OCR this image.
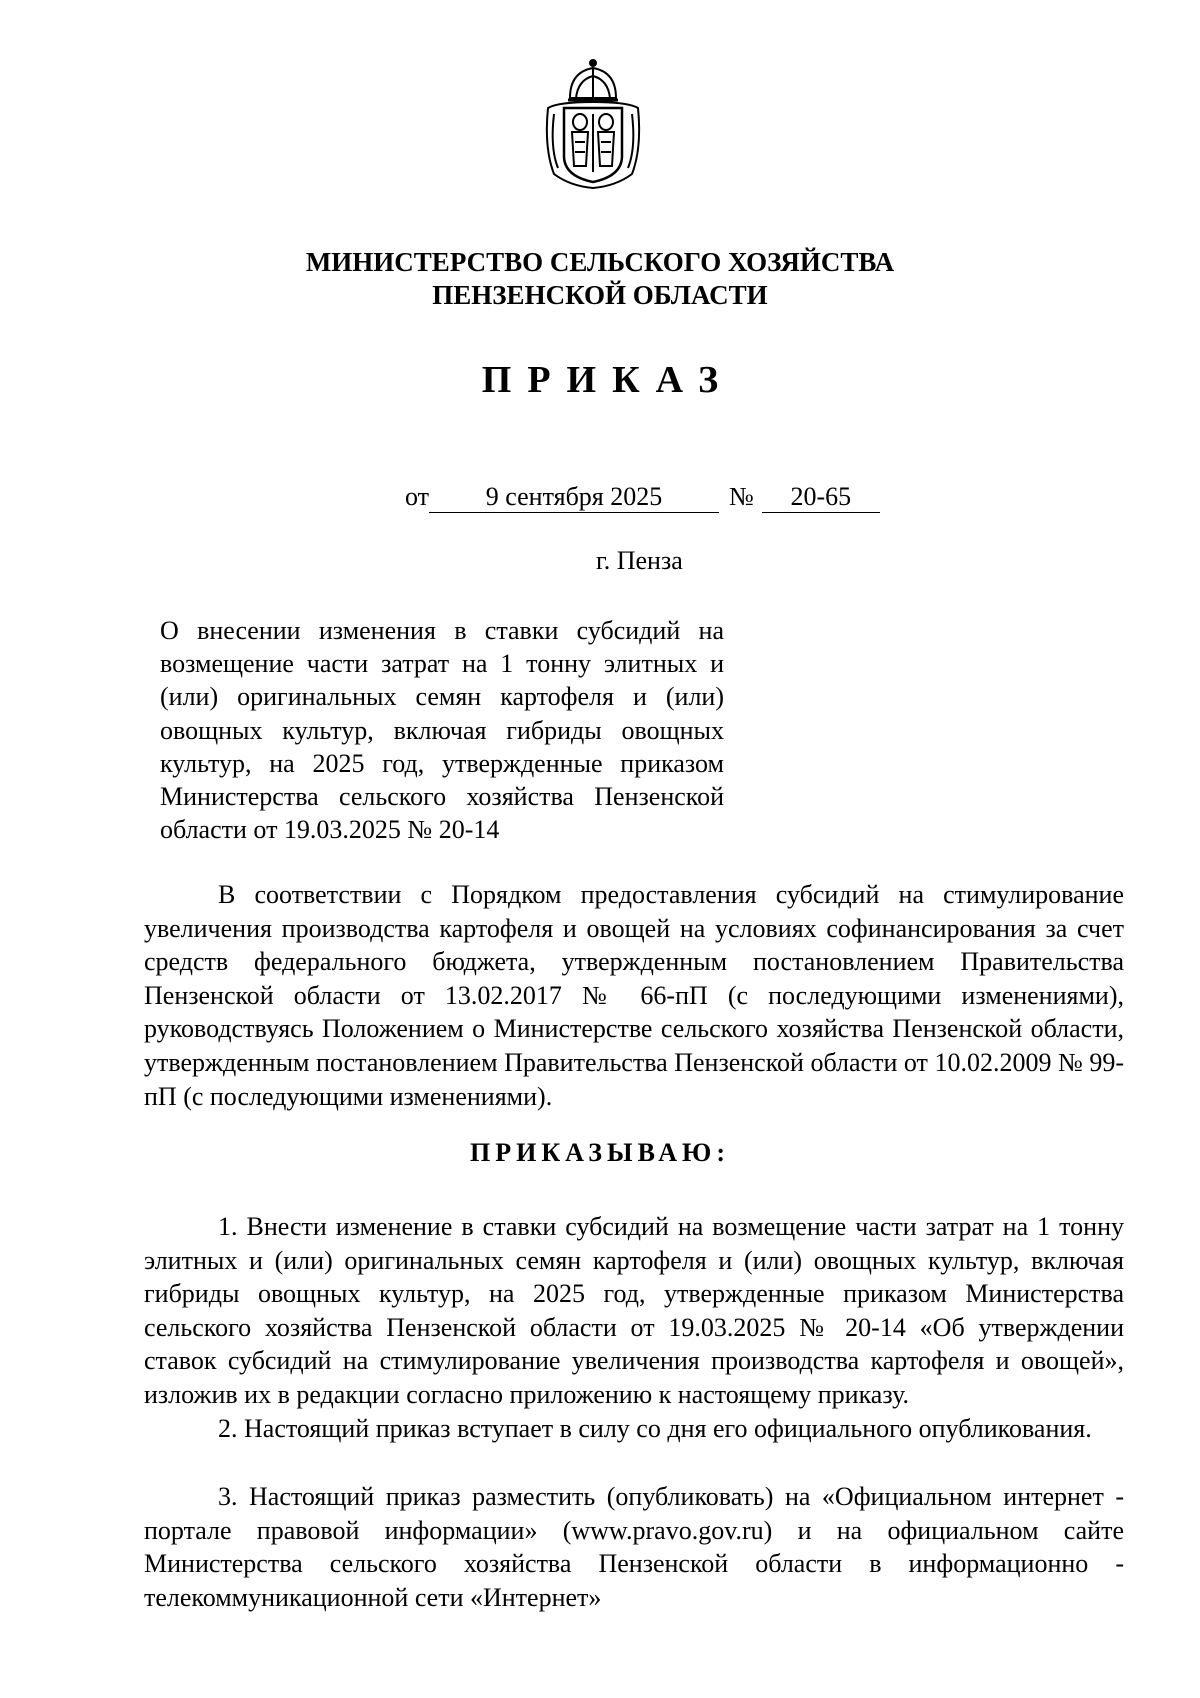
МИНИСТЕРСТВО СЕЛЬСКОГО ХОЗЯЙСТВА
ПЕНЗЕНСКОЙ ОБЛАСТИ
ПРИКАЗ
от 9 сентября 2025	№ 20-65
г. Пенза
О внесении изменения в ставки субсидий на возмещение части затрат на 1 тонну элитных и (или) оригинальных семян картофеля и (или) овощных культур, включая гибриды овощных культур, на 2025 год, утвержденные приказом Министерства сельского хозяйства Пензенской области от 19.03.2025 № 20-14

В соответствии с Порядком предоставления субсидий на стимулирование увеличения производства картофеля и овощей на условиях софинансирования за счет средств федерального бюджета, утвержденным постановлением Правительства Пензенской области от 13.02.2017 № 66-пП (с последующими изменениями), руководствуясь Положением о Министерстве сельского хозяйства Пензенской области, утвержденным постановлением Правительства Пензенской области от 10.02.2009 № 99-пП (с последующими изменениями).

ПРИКАЗЫВАЮ:

1. Внести изменение в ставки субсидий на возмещение части затрат на 1 тонну элитных и (или) оригинальных семян картофеля и (или) овощных культур, включая гибриды овощных культур, на 2025 год, утвержденные приказом Министерства сельского хозяйства Пензенской области от 19.03.2025 № 20-14 «Об утверждении ставок субсидий на стимулирование увеличения производства картофеля и овощей», изложив их в редакции согласно приложению к настоящему приказу.

2. Настоящий приказ вступает в силу со дня его официального опубликования.

3. Настоящий приказ разместить (опубликовать) на «Официальном интернет - портале правовой информации» (www.pravo.gov.ru) и на официальном сайте Министерства сельского хозяйства Пензенской области в информационно - телекоммуникационной сети «Интернет»
